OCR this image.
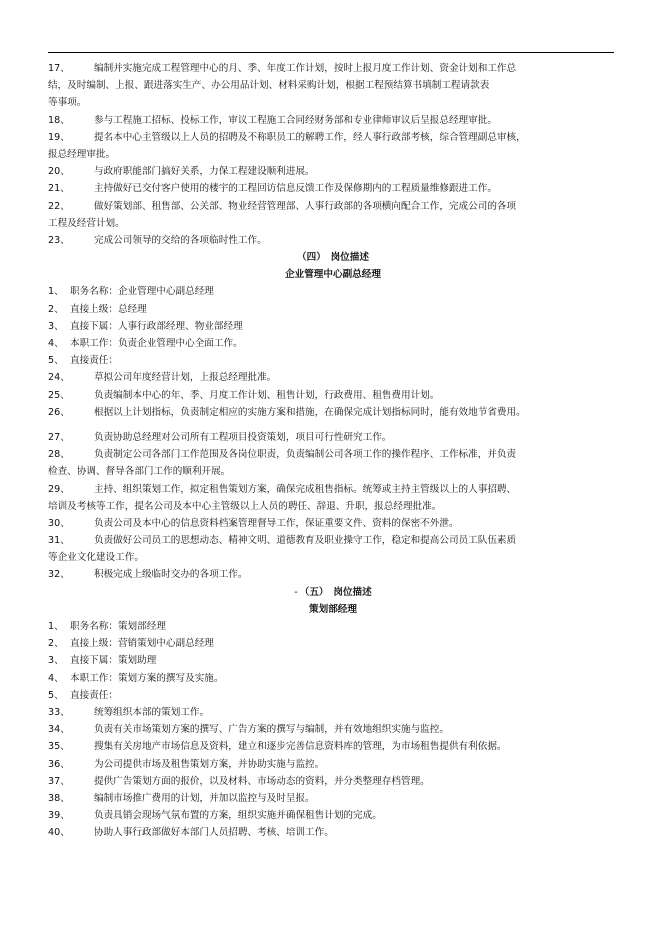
17、	编制并实施完成工程管理中心的月、季、年度工作计划，按时上报月度工作计划、资金计划和工作总
结，及时编制、上报、跟进落实生产、办公用品计划、材料采购计划，根据工程预结算书填制工程请款表
等事项。
18、	参与工程施工招标、投标工作，审议工程施工合同经财务部和专业律师审议后呈报总经理审批。
19、	提名本中心主管级以上人员的招聘及不称职员工的解聘工作，经人事行政部考核，综合管理副总审核，
报总经理审批。
20、	与政府职能部门搞好关系，力保工程建设顺利进展。
21、	主持做好已交付客户使用的楼宇的工程回访信息反馈工作及保修期内的工程质量维修跟进工作。
22、	做好策划部、租售部、公关部、物业经营管理部、人事行政部的各项横向配合工作，完成公司的各项
工程及经营计划。
23、	完成公司领导的交给的各项临时性工作。
（四）　岗位描述
企业管理中心副总经理
1、 职务名称：企业管理中心副总经理
2、 直接上级：总经理
3、 直接下属：人事行政部经理、物业部经理
4、 本职工作：负责企业管理中心全面工作。
5、 直接责任：
24、	草拟公司年度经营计划，上报总经理批准。
25、	负责编制本中心的年、季、月度工作计划、租售计划，行政费用、租售费用计划。
26、	根据以上计划指标，负责制定相应的实施方案和措施，在确保完成计划指标同时，能有效地节省费用。
27、	负责协助总经理对公司所有工程项目投资策划，项目可行性研究工作。
28、	负责制定公司各部门工作范围及各岗位职责，负责编制公司各项工作的操作程序、工作标准，并负责
检查、协调、督导各部门工作的顺利开展。
29、	主持、组织策划工作，拟定租售策划方案，确保完成租售指标。统筹或主持主管级以上的人事招聘、
培训及考核等工作，提名公司及本中心主管级以上人员的聘任、辞退、升职，报总经理批准。
30、	负责公司及本中心的信息资料档案管理督导工作，保证重要文件、资料的保密不外泄。
31、	负责做好公司员工的思想动态、精神文明、道德教育及职业操守工作，稳定和提高公司员工队伍素质
等企业文化建设工作。
32、	积极完成上级临时交办的各项工作。
- （五）　岗位描述
策划部经理
1、 职务名称：策划部经理
2、 直接上级：营销策划中心副总经理
3、 直接下属：策划助理
4、 本职工作：策划方案的撰写及实施。
5、 直接责任：
33、	统筹组织本部的策划工作。
34、	负责有关市场策划方案的撰写、广告方案的撰写与编制，并有效地组织实施与监控。
35、	搜集有关房地产市场信息及资料，建立和逐步完善信息资料库的管理，为市场租售提供有利依据。
36、	为公司提供市场及租售策划方案，并协助实施与监控。
37、	提供广告策划方面的报价，以及材料、市场动态的资料，并分类整理存档管理。
38、	编制市场推广费用的计划，并加以监控与及时呈报。
39、	负责具销会现场气氛布置的方案，组织实施并确保租售计划的完成。
40、	协助人事行政部做好本部门人员招聘、考核、培训工作。
